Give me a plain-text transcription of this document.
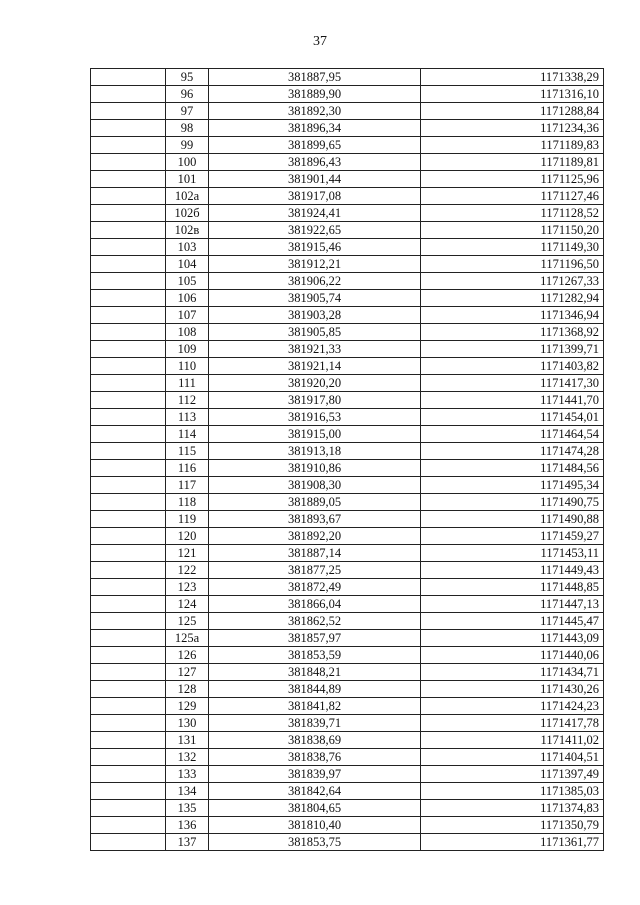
37
	95	381887,95	1171338,29
	96	381889,90	1171316,10
	97	381892,30	1171288,84
	98	381896,34	1171234,36
	99	381899,65	1171189,83
	100	381896,43	1171189,81
	101	381901,44	1171125,96
	102а	381917,08	1171127,46
	102б	381924,41	1171128,52
	102в	381922,65	1171150,20
	103	381915,46	1171149,30
	104	381912,21	1171196,50
	105	381906,22	1171267,33
	106	381905,74	1171282,94
	107	381903,28	1171346,94
	108	381905,85	1171368,92
	109	381921,33	1171399,71
	110	381921,14	1171403,82
	111	381920,20	1171417,30
	112	381917,80	1171441,70
	113	381916,53	1171454,01
	114	381915,00	1171464,54
	115	381913,18	1171474,28
	116	381910,86	1171484,56
	117	381908,30	1171495,34
	118	381889,05	1171490,75
	119	381893,67	1171490,88
	120	381892,20	1171459,27
	121	381887,14	1171453,11
	122	381877,25	1171449,43
	123	381872,49	1171448,85
	124	381866,04	1171447,13
	125	381862,52	1171445,47
	125а	381857,97	1171443,09
	126	381853,59	1171440,06
	127	381848,21	1171434,71
	128	381844,89	1171430,26
	129	381841,82	1171424,23
	130	381839,71	1171417,78
	131	381838,69	1171411,02
	132	381838,76	1171404,51
	133	381839,97	1171397,49
	134	381842,64	1171385,03
	135	381804,65	1171374,83
	136	381810,40	1171350,79
	137	381853,75	1171361,77
